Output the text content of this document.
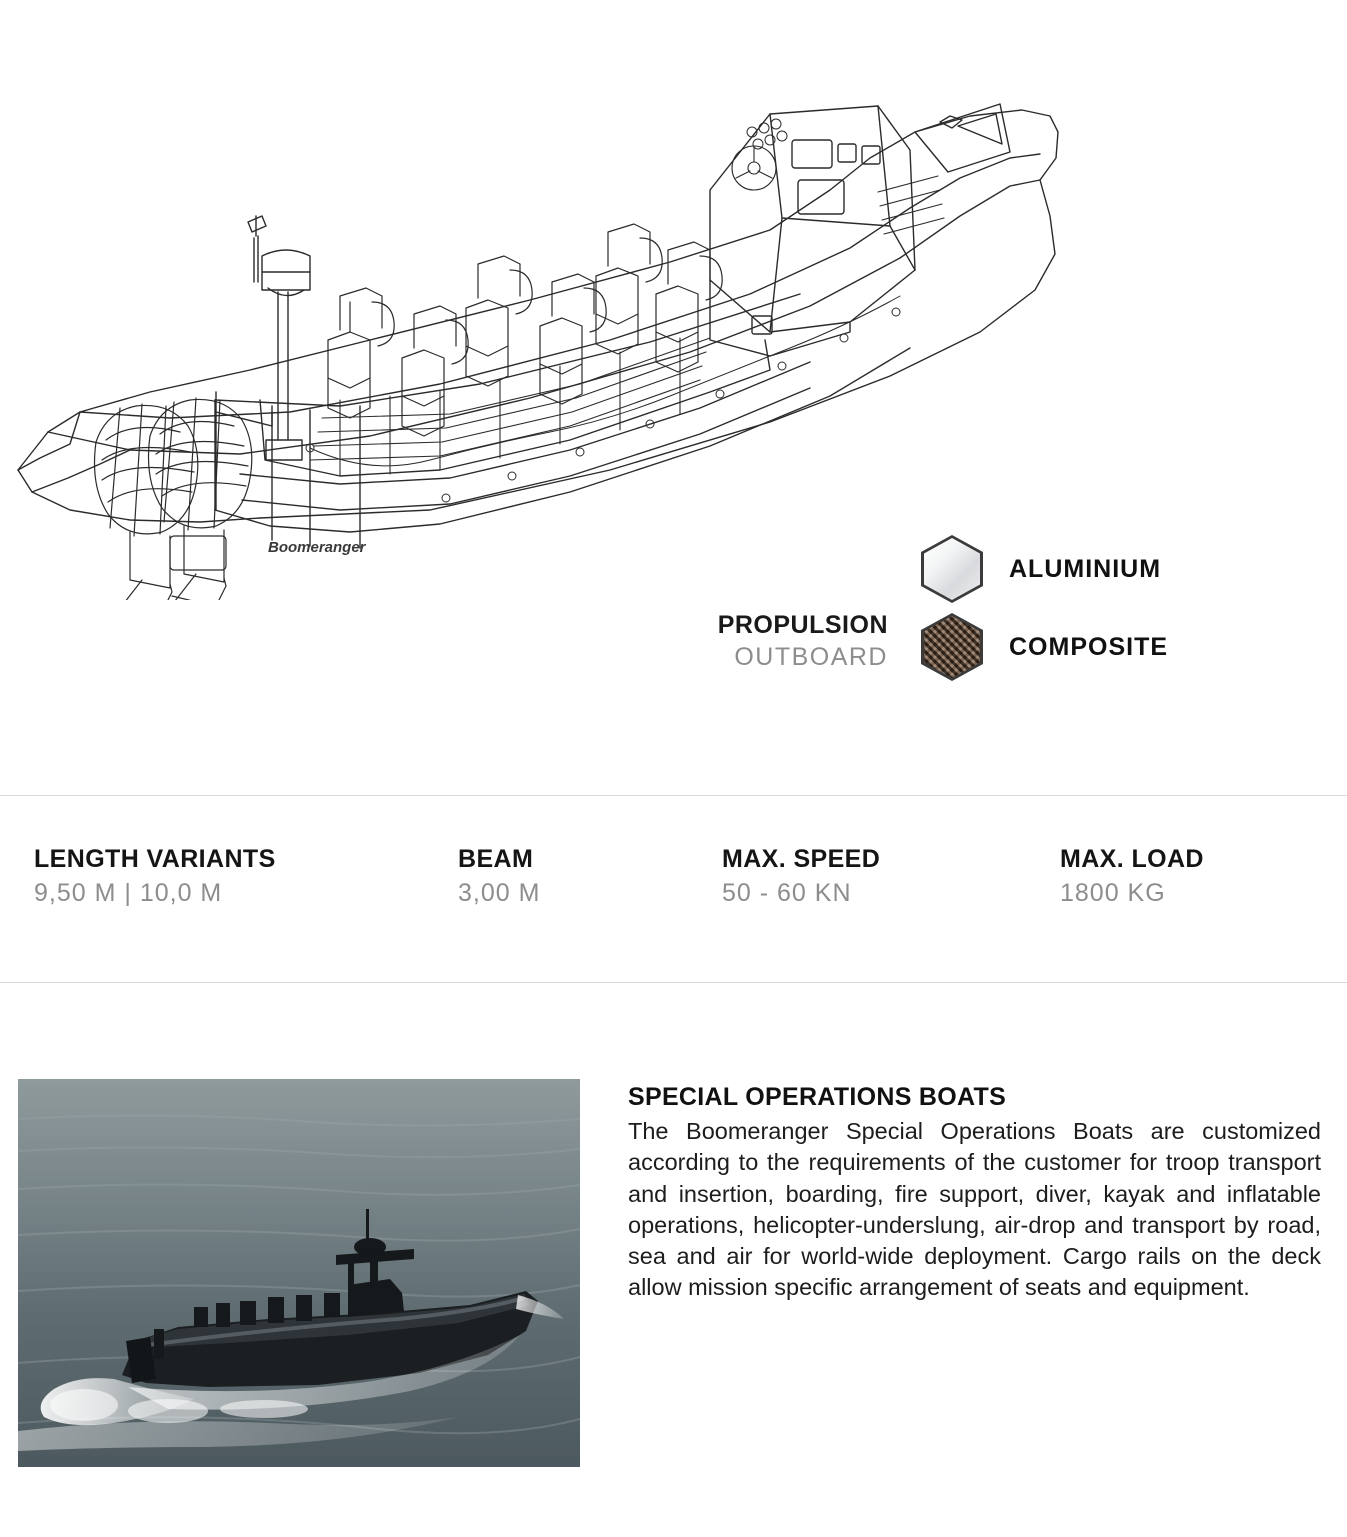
Boomeranger
PROPULSION
OUTBOARD
ALUMINIUM
COMPOSITE
LENGTH VARIANTS
9,50 M | 10,0 M
BEAM
3,00 M
MAX. SPEED
50 - 60 KN
MAX. LOAD
1800 KG
SPECIAL OPERATIONS BOATS
The Boomeranger Special Operations Boats are customized according to the requirements of the customer for troop transport and insertion, boarding, fire support, diver, kayak and inflatable operations, helicopter-underslung, air-drop and transport by road, sea and air for world-wide deployment. Cargo rails on the deck allow mission specific arrangement of seats and equipment.
